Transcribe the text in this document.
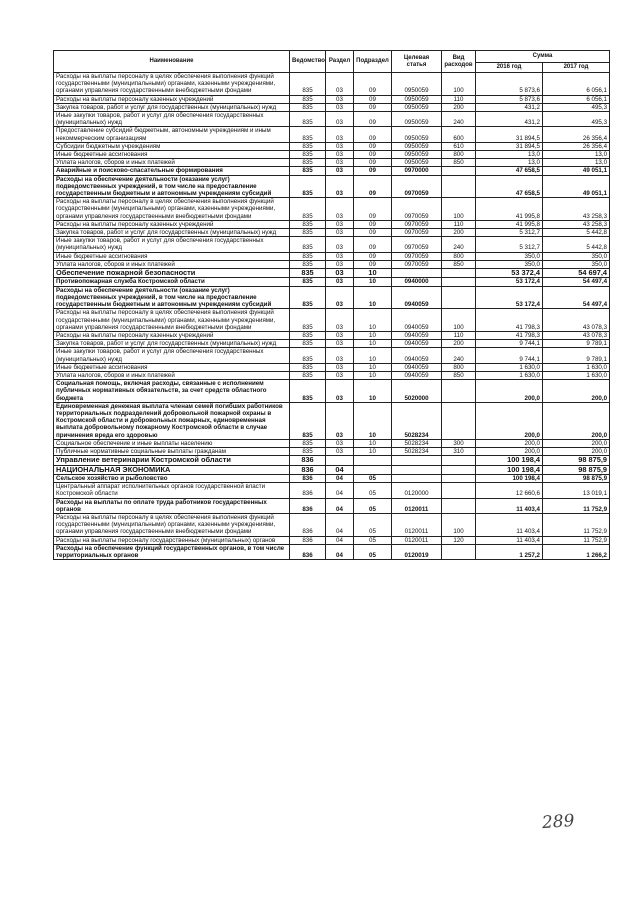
Наименование	Ведомство	Раздел	Подраздел	Целевая статья	Вид расходов	Сумма	
						2016 год	2017 год
Расходы на выплаты персоналу в целях обеспечения выполнения функций государственными (муниципальными) органами, казенными учреждениями, органами управления государственными внебюджетными фондами	835	03	09	0950059	100	5 873,6	6 056,1
Расходы на выплаты персоналу казенных учреждений	835	03	09	0950059	110	5 873,6	6 056,1
Закупка товаров, работ и услуг для государственных (муниципальных) нужд	835	03	09	0950059	200	431,2	495,3
Иные закупки товаров, работ и услуг для обеспечения государственных (муниципальных) нужд	835	03	09	0950059	240	431,2	495,3
Предоставление субсидий бюджетным, автономным учреждениям и иным некоммерческим организациям	835	03	09	0950059	600	31 894,5	26 356,4
Субсидии бюджетным учреждениям	835	03	09	0950059	610	31 894,5	26 356,4
Иные бюджетные ассигнования	835	03	09	0950059	800	13,0	13,0
Уплата налогов, сборов и иных платежей	835	03	09	0950059	850	13,0	13,0
Аварийные и поисково-спасательные формирования	835	03	09	0970000		47 658,5	49 051,1
Расходы на обеспечение деятельности (оказание услуг) подведомственных учреждений, в том числе на предоставление государственным бюджетным и автономным учреждениям субсидий	835	03	09	0970059		47 658,5	49 051,1
Расходы на выплаты персоналу в целях обеспечения выполнения функций государственными (муниципальными) органами, казенными учреждениями, органами управления государственными внебюджетными фондами	835	03	09	0970059	100	41 995,8	43 258,3
Расходы на выплаты персоналу казенных учреждений	835	03	09	0970059	110	41 995,8	43 258,3
Закупка товаров, работ и услуг для государственных (муниципальных) нужд	835	03	09	0970059	200	5 312,7	5 442,8
Иные закупки товаров, работ и услуг для обеспечения государственных (муниципальных) нужд	835	03	09	0970059	240	5 312,7	5 442,8
Иные бюджетные ассигнования	835	03	09	0970059	800	350,0	350,0
Уплата налогов, сборов и иных платежей	835	03	09	0970059	850	350,0	350,0
Обеспечение пожарной безопасности	835	03	10			53 372,4	54 697,4
Противопожарная служба Костромской области	835	03	10	0940000		53 172,4	54 497,4
Расходы на обеспечение деятельности (оказание услуг) подведомственных учреждений, в том числе на предоставление государственным бюджетным и автономным учреждениям субсидий	835	03	10	0940059		53 172,4	54 497,4
Расходы на выплаты персоналу в целях обеспечения выполнения функций государственными (муниципальными) органами, казенными учреждениями, органами управления государственными внебюджетными фондами	835	03	10	0940059	100	41 798,3	43 078,3
Расходы на выплаты персоналу казенных учреждений	835	03	10	0940059	110	41 798,3	43 078,3
Закупка товаров, работ и услуг для государственных (муниципальных) нужд	835	03	10	0940059	200	9 744,1	9 789,1
Иные закупки товаров, работ и услуг для обеспечения государственных (муниципальных) нужд	835	03	10	0940059	240	9 744,1	9 789,1
Иные бюджетные ассигнования	835	03	10	0940059	800	1 630,0	1 630,0
Уплата налогов, сборов и иных платежей	835	03	10	0940059	850	1 630,0	1 630,0
Социальная помощь, включая расходы, связанные с исполнением публичных нормативных обязательств, за счет средств областного бюджета	835	03	10	5020000		200,0	200,0
Единовременная денежная выплата членам семей погибших работников территориальных подразделений добровольной пожарной охраны в Костромской области и добровольных пожарных, единовременная выплата добровольному пожарному Костромской области в случае причинения вреда его здоровью	835	03	10	5028234		200,0	200,0
Социальное обеспечение и иные выплаты населению	835	03	10	5028234	300	200,0	200,0
Публичные нормативные социальные выплаты гражданам	835	03	10	5028234	310	200,0	200,0
Управление ветеринарии Костромской области	836					100 198,4	98 875,9
НАЦИОНАЛЬНАЯ ЭКОНОМИКА	836	04				100 198,4	98 875,9
Сельское хозяйство и рыболовство	836	04	05			100 198,4	98 875,9
Центральный аппарат исполнительных органов государственной власти Костромской области	836	04	05	0120000		12 660,6	13 019,1
Расходы на выплаты по оплате труда работников государственных органов	836	04	05	0120011		11 403,4	11 752,9
Расходы на выплаты персоналу в целях обеспечения выполнения функций государственными (муниципальными) органами, казенными учреждениями, органами управления государственными внебюджетными фондами	836	04	05	0120011	100	11 403,4	11 752,9
Расходы на выплаты персоналу государственных (муниципальных) органов	836	04	05	0120011	120	11 403,4	11 752,9
Расходы на обеспечение функций государственных органов, в том числе территориальных органов	836	04	05	0120019		1 257,2	1 266,2
289
